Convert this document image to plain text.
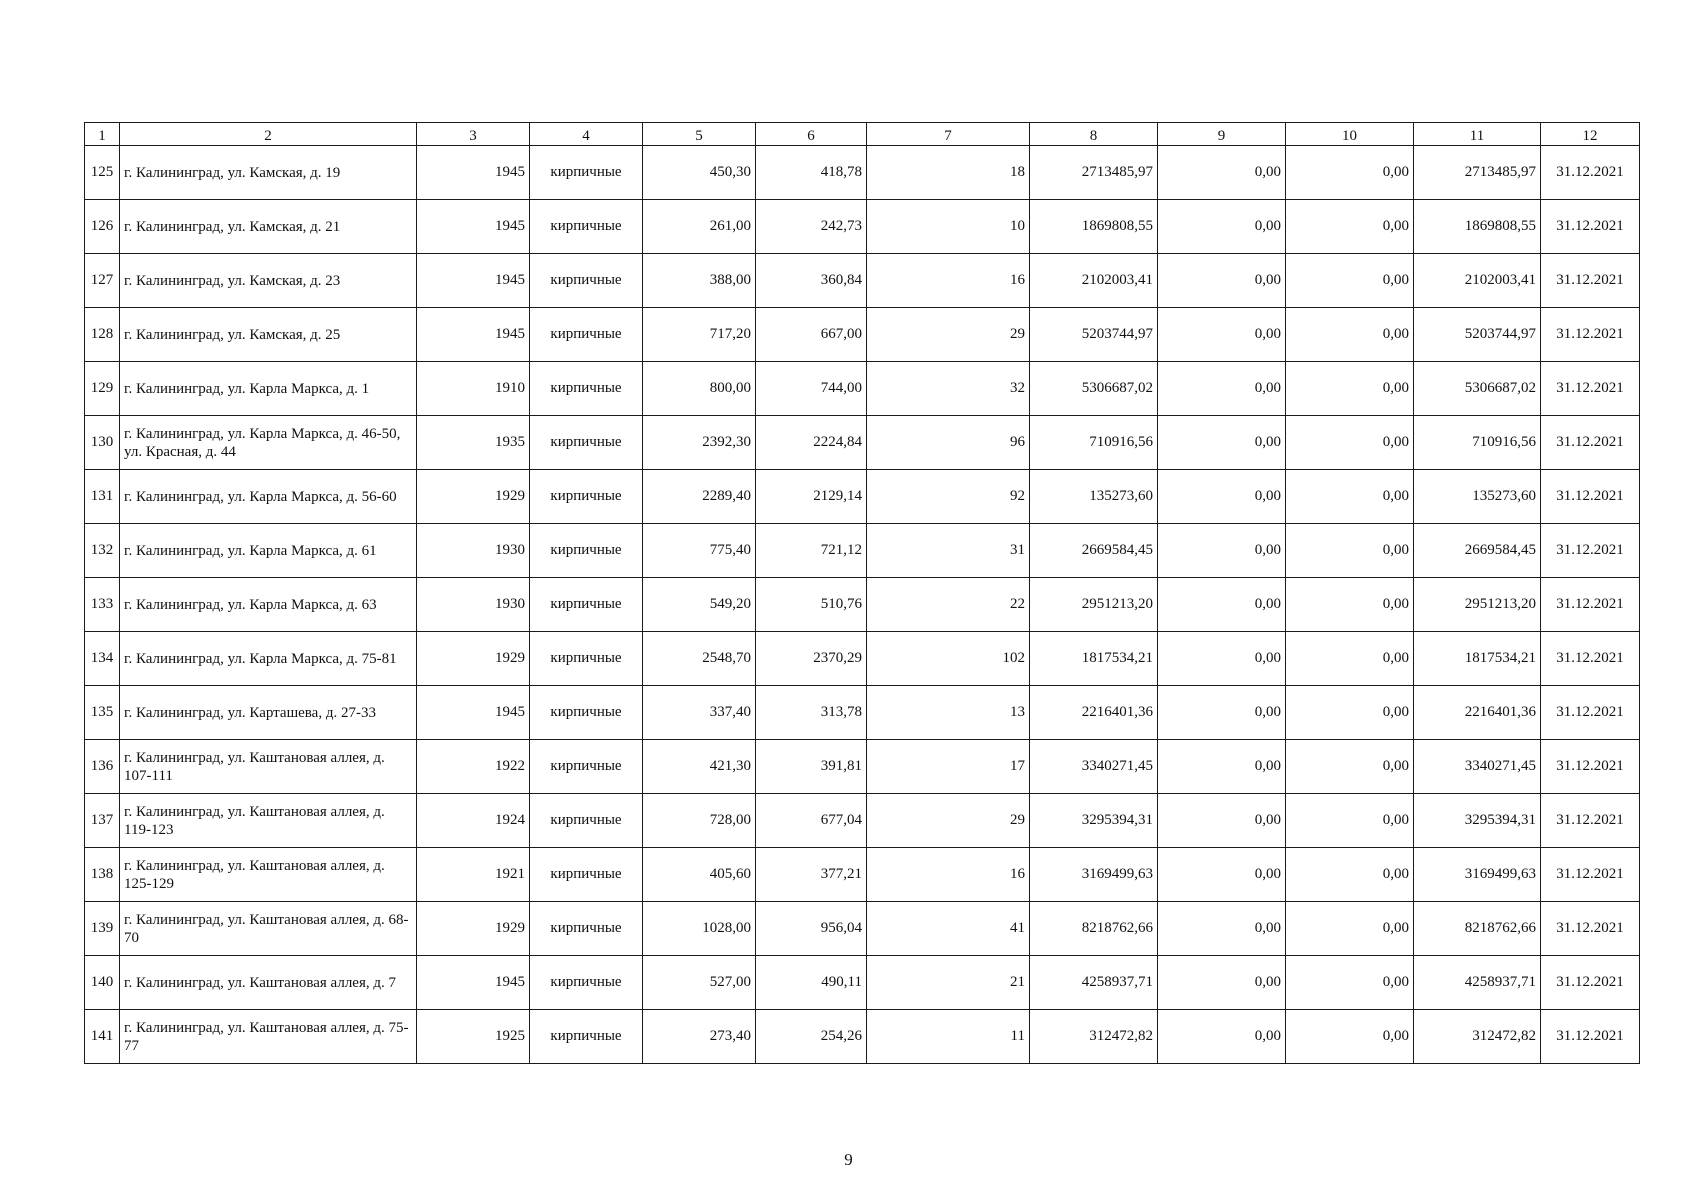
1	2	3	4	5	6	7	8	9	10	11	12
125	г. Калининград, ул. Камская, д. 19	1945	кирпичные	450,30	418,78	18	2713485,97	0,00	0,00	2713485,97	31.12.2021
126	г. Калининград, ул. Камская, д. 21	1945	кирпичные	261,00	242,73	10	1869808,55	0,00	0,00	1869808,55	31.12.2021
127	г. Калининград, ул. Камская, д. 23	1945	кирпичные	388,00	360,84	16	2102003,41	0,00	0,00	2102003,41	31.12.2021
128	г. Калининград, ул. Камская, д. 25	1945	кирпичные	717,20	667,00	29	5203744,97	0,00	0,00	5203744,97	31.12.2021
129	г. Калининград, ул. Карла Маркса, д. 1	1910	кирпичные	800,00	744,00	32	5306687,02	0,00	0,00	5306687,02	31.12.2021
130	г. Калининград, ул. Карла Маркса, д. 46-50, ул. Красная, д. 44	1935	кирпичные	2392,30	2224,84	96	710916,56	0,00	0,00	710916,56	31.12.2021
131	г. Калининград, ул. Карла Маркса, д. 56-60	1929	кирпичные	2289,40	2129,14	92	135273,60	0,00	0,00	135273,60	31.12.2021
132	г. Калининград, ул. Карла Маркса, д. 61	1930	кирпичные	775,40	721,12	31	2669584,45	0,00	0,00	2669584,45	31.12.2021
133	г. Калининград, ул. Карла Маркса, д. 63	1930	кирпичные	549,20	510,76	22	2951213,20	0,00	0,00	2951213,20	31.12.2021
134	г. Калининград, ул. Карла Маркса, д. 75-81	1929	кирпичные	2548,70	2370,29	102	1817534,21	0,00	0,00	1817534,21	31.12.2021
135	г. Калининград, ул. Карташева, д. 27-33	1945	кирпичные	337,40	313,78	13	2216401,36	0,00	0,00	2216401,36	31.12.2021
136	г. Калининград, ул. Каштановая аллея, д. 107-111	1922	кирпичные	421,30	391,81	17	3340271,45	0,00	0,00	3340271,45	31.12.2021
137	г. Калининград, ул. Каштановая аллея, д. 119-123	1924	кирпичные	728,00	677,04	29	3295394,31	0,00	0,00	3295394,31	31.12.2021
138	г. Калининград, ул. Каштановая аллея, д. 125-129	1921	кирпичные	405,60	377,21	16	3169499,63	0,00	0,00	3169499,63	31.12.2021
139	г. Калининград, ул. Каштановая аллея, д. 68-70	1929	кирпичные	1028,00	956,04	41	8218762,66	0,00	0,00	8218762,66	31.12.2021
140	г. Калининград, ул. Каштановая аллея, д. 7	1945	кирпичные	527,00	490,11	21	4258937,71	0,00	0,00	4258937,71	31.12.2021
141	г. Калининград, ул. Каштановая аллея, д. 75-77	1925	кирпичные	273,40	254,26	11	312472,82	0,00	0,00	312472,82	31.12.2021
9
